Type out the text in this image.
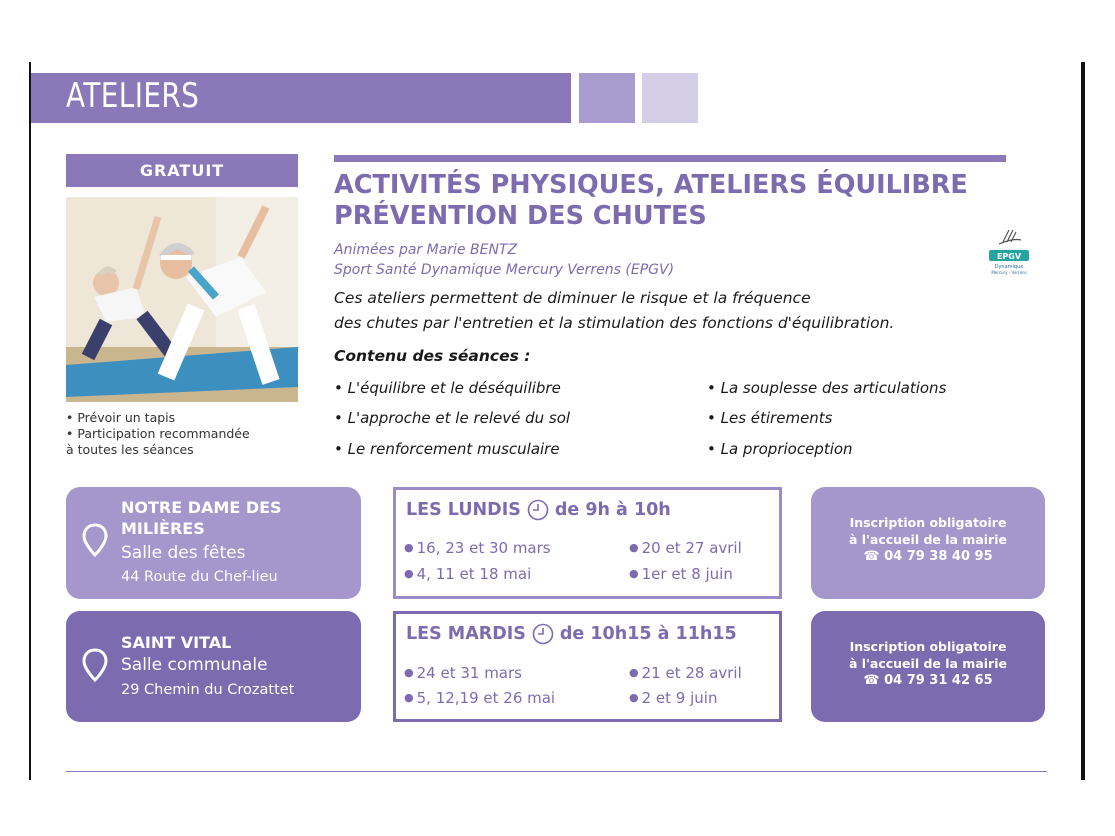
ATELIERS
GRATUIT
• Prévoir un tapis
• Participation recommandée
à toutes les séances
ACTIVITÉS PHYSIQUES, ATELIERS ÉQUILIBRE
PRÉVENTION DES CHUTES
Animées par Marie BENTZ
Sport Santé Dynamique Mercury Verrens (EPGV)
EPGV
Dynamique
Mercury - Verrens
Ces ateliers permettent de diminuer le risque et la fréquence
des chutes par l'entretien et la stimulation des fonctions d'équilibration.
Contenu des séances :
• L'équilibre et le déséquilibre
• L'approche et le relevé du sol
• Le renforcement musculaire
• La souplesse des articulations
• Les étirements
• La proprioception
NOTRE DAME DES
MILIÈRES
Salle des fêtes
44 Route du Chef-lieu
LES LUNDIS de 9h à 10h
● 16, 23 et 30 mars
● 4, 11 et 18 mai
● 20 et 27 avril
● 1er et 8 juin
Inscription obligatoire
à l'accueil de la mairie
☎ 04 79 38 40 95
SAINT VITAL
Salle communale
29 Chemin du Crozattet
LES MARDIS de 10h15 à 11h15
● 24 et 31 mars
● 5, 12,19 et 26 mai
● 21 et 28 avril
● 2 et 9 juin
Inscription obligatoire
à l'accueil de la mairie
☎ 04 79 31 42 65
